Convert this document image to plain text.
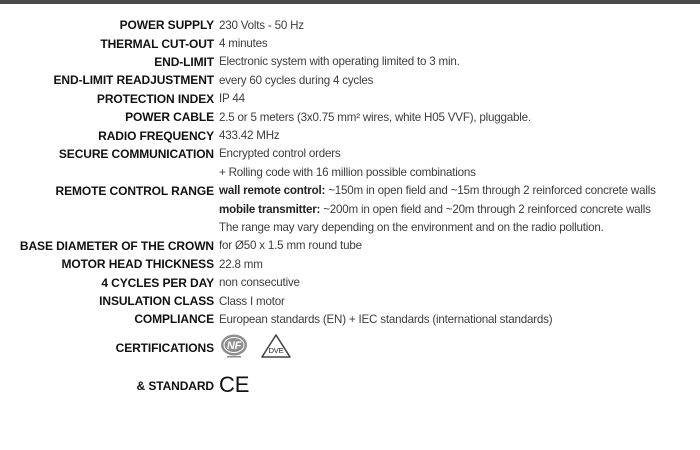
POWER SUPPLY	230 Volts - 50 Hz
THERMAL CUT-OUT	4 minutes
END-LIMIT	Electronic system with operating limited to 3 min.
END-LIMIT READJUSTMENT	every 60 cycles during 4 cycles
PROTECTION INDEX	IP 44
POWER CABLE	2.5 or 5 meters (3x0.75 mm² wires, white H05 VVF), pluggable.
RADIO FREQUENCY	433.42 MHz
SECURE COMMUNICATION	Encrypted control orders
	+ Rolling code with 16 million possible combinations
REMOTE CONTROL RANGE	wall remote control: ~150m in open field and ~15m through 2 reinforced concrete walls
	mobile transmitter: ~200m in open field and ~20m through 2 reinforced concrete walls
	The range may vary depending on the environment and on the radio pollution.
BASE DIAMETER OF THE CROWN	for Ø50 x 1.5 mm round tube
MOTOR HEAD THICKNESS	22.8 mm
4 CYCLES PER DAY	non consecutive
INSULATION CLASS	Class I motor
COMPLIANCE	European standards (EN) + IEC standards (international standards)
CERTIFICATIONS	NF DVE

& STANDARD	CE
